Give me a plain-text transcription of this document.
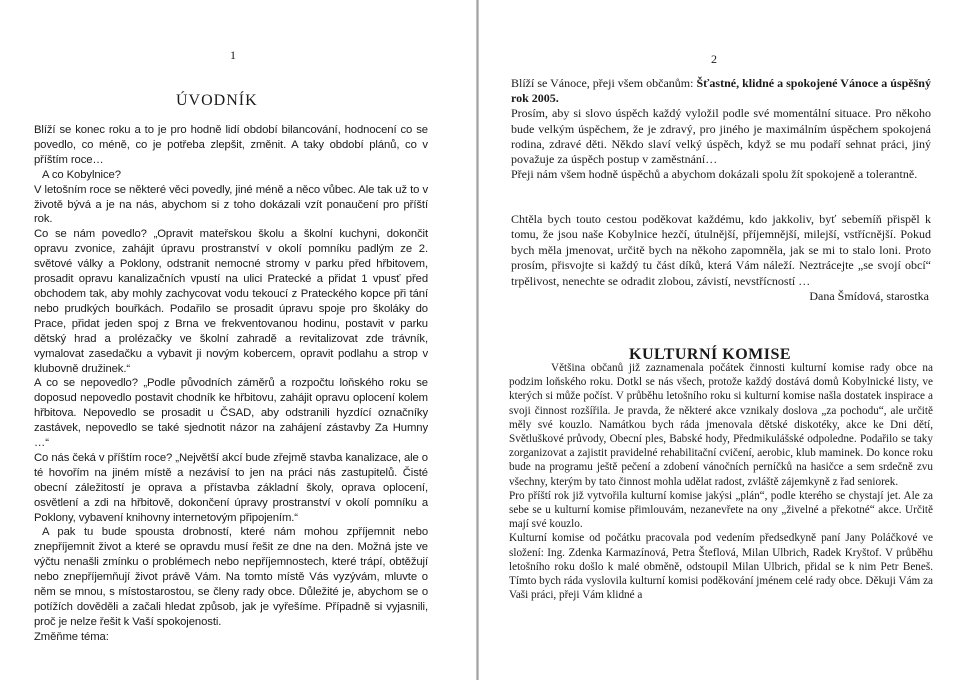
1
ÚVODNÍK

Blíží se konec roku a to je pro hodně lidí období bilancování, hodnocení co se povedlo, co méně, co je potřeba zlepšit, změnit. A taky období plánů, co v příštím roce…

A co Kobylnice?

V letošním roce se některé věci povedly, jiné méně a něco vůbec. Ale tak už to v životě bývá a je na nás, abychom si z toho dokázali vzít ponaučení pro příští rok.

Co se nám povedlo? „Opravit mateřskou školu a školní kuchyni, dokončit opravu zvonice, zahájit úpravu prostranství v okolí pomníku padlým ze 2. světové války a Poklony, odstranit nemocné stromy v parku před hřbitovem, prosadit opravu kanalizačních vpustí na ulici Pratecké a přidat 1 vpusť před obchodem tak, aby mohly zachycovat vodu tekoucí z Prateckého kopce při tání nebo prudkých bouřkách. Podařilo se prosadit úpravu spoje pro školáky do Prace, přidat jeden spoj z Brna ve frekventovanou hodinu, postavit v parku dětský hrad a prolézačky ve školní zahradě a revitalizovat zde trávník, vymalovat zasedačku a vybavit ji novým kobercem, opravit podlahu a strop v klubovně družinek.“

A co se nepovedlo? „Podle původních záměrů a rozpočtu loňského roku se doposud nepovedlo postavit chodník ke hřbitovu, zahájit opravu oplocení kolem hřbitova. Nepovedlo se prosadit u ČSAD, aby odstranili hyzdící označníky zastávek, nepovedlo se také sjednotit názor na zahájení zástavby Za Humny …“

Co nás čeká v příštím roce? „Největší akcí bude zřejmě stavba kanalizace, ale o té hovořím na jiném místě a nezávisí to jen na práci nás zastupitelů. Čisté obecní záležitostí je oprava a přístavba základní školy, oprava oplocení, osvětlení a zdi na hřbitově, dokončení úpravy prostranství v okolí pomníku a Poklony, vybavení knihovny internetovým připojením.“

A pak tu bude spousta drobností, které nám mohou zpříjemnit nebo znepříjemnit život a které se opravdu musí řešit ze dne na den. Možná jste ve výčtu nenašli zmínku o problémech nebo nepříjemnostech, které trápí, obtěžují nebo znepříjemňují život právě Vám. Na tomto místě Vás vyzývám, mluvte o něm se mnou, s místostarostou, se členy rady obce. Důležité je, abychom se o potížích dověděli a začali hledat způsob, jak je vyřešíme. Případně si vyjasnili, proč je nelze řešit k Vaší spokojenosti.

Změňme téma:

2

Blíží se Vánoce, přeji všem občanům: Šťastné, klidné a spokojené Vánoce a úspěšný rok 2005.

Prosím, aby si slovo úspěch každý vyložil podle své momentální situace. Pro někoho bude velkým úspěchem, že je zdravý, pro jiného je maximálním úspěchem spokojená rodina, zdravé děti. Někdo slaví velký úspěch, když se mu podaří sehnat práci, jiný považuje za úspěch postup v zaměstnání…

Přeji nám všem hodně úspěchů a abychom dokázali spolu žít spokojeně a tolerantně.

Chtěla bych touto cestou poděkovat každému, kdo jakkoliv, byť sebemíň přispěl k tomu, že jsou naše Kobylnice hezčí, útulnější, příjemnější, milejší, vstřícnější. Pokud bych měla jmenovat, určitě bych na někoho zapomněla, jak se mi to stalo loni. Proto prosím, přisvojte si každý tu část díků, která Vám náleží. Neztrácejte „se svojí obcí“ trpělivost, nenechte se odradit zlobou, závistí, nevstřícností …

Dana Šmídová, starostka

KULTURNÍ KOMISE

Většina občanů již zaznamenala počátek činnosti kulturní komise rady obce na podzim loňského roku. Dotkl se nás všech, protože každý dostává domů Kobylnické listy, ve kterých si může počíst. V průběhu letošního roku si kulturní komise našla dostatek inspirace a svoji činnost rozšířila. Je pravda, že některé akce vznikaly doslova „za pochodu“, ale určitě měly své kouzlo. Namátkou bych ráda jmenovala dětské diskotéky, akce ke Dni dětí, Světluškové průvody, Obecní ples, Babské hody, Předmikulášské odpoledne. Podařilo se taky zorganizovat a zajistit pravidelné rehabilitační cvičení, aerobic, klub maminek. Do konce roku bude na programu ještě pečení a zdobení vánočních perníčků na hasičce a sem srdečně zvu všechny, kterým by tato činnost mohla udělat radost, zvláště zájemkyně z řad seniorek.

Pro příští rok již vytvořila kulturní komise jakýsi „plán“, podle kterého se chystají jet. Ale za sebe se u kulturní komise přimlouvám, nezanevřete na ony „živelné a překotné“ akce. Určitě mají své kouzlo.

Kulturní komise od počátku pracovala pod vedením předsedkyně paní Jany Poláčkové ve složení: Ing. Zdenka Karmazínová, Petra Šteflová, Milan Ulbrich, Radek Kryštof. V průběhu letošního roku došlo k malé obměně, odstoupil Milan Ulbrich, přidal se k nim Petr Beneš. Tímto bych ráda vyslovila kulturní komisi poděkování jménem celé rady obce. Děkuji Vám za Vaši práci, přeji Vám klidné a
